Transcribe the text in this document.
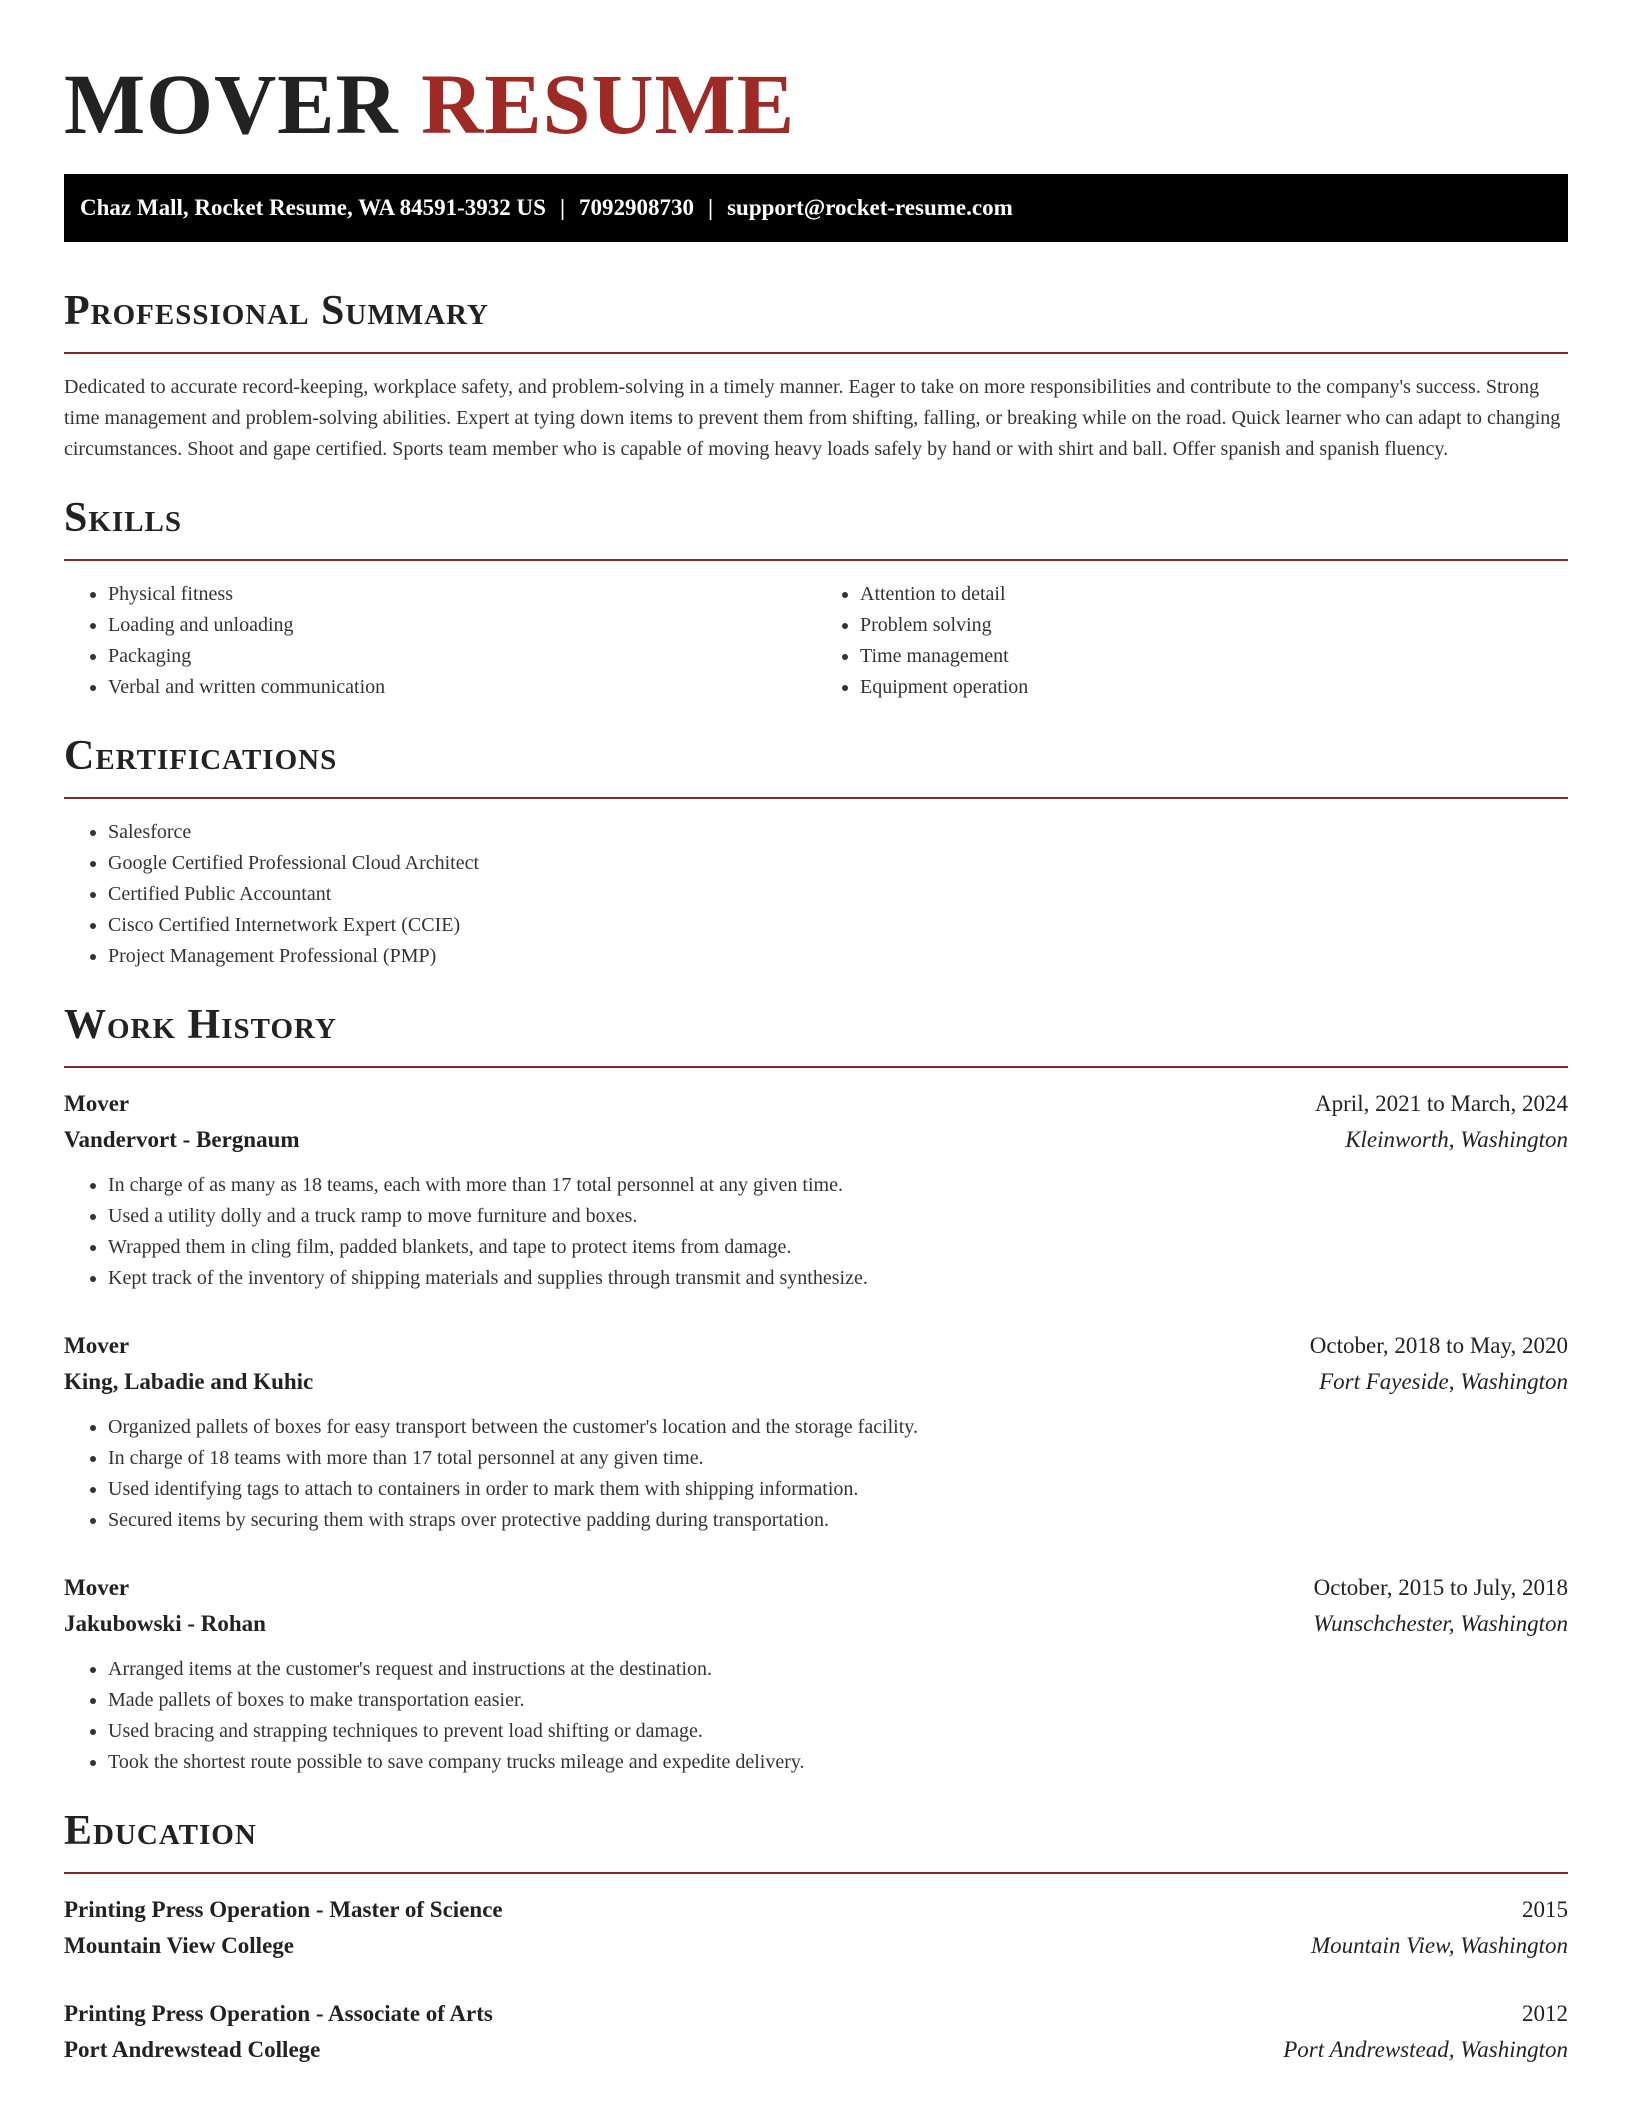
MOVER RESUME
Chaz Mall, Rocket Resume, WA 84591-3932 US | 7092908730 | support@rocket-resume.com
Professional Summary

Dedicated to accurate record-keeping, workplace safety, and problem-solving in a timely manner. Eager to take on more responsibilities and contribute to the company's success. Strong time management and problem-solving abilities. Expert at tying down items to prevent them from shifting, falling, or breaking while on the road. Quick learner who can adapt to changing circumstances. Shoot and gape certified. Sports team member who is capable of moving heavy loads safely by hand or with shirt and ball. Offer spanish and spanish fluency.

Skills
• Physical fitness
• Loading and unloading
• Packaging
• Verbal and written communication
• Attention to detail
• Problem solving
• Time management
• Equipment operation
Certifications
• Salesforce
• Google Certified Professional Cloud Architect
• Certified Public Accountant
• Cisco Certified Internetwork Expert (CCIE)
• Project Management Professional (PMP)
Work History
Mover	April, 2021 to March, 2024
Vandervort - Bergnaum	Kleinworth, Washington
• In charge of as many as 18 teams, each with more than 17 total personnel at any given time.
• Used a utility dolly and a truck ramp to move furniture and boxes.
• Wrapped them in cling film, padded blankets, and tape to protect items from damage.
• Kept track of the inventory of shipping materials and supplies through transmit and synthesize.
Mover	October, 2018 to May, 2020
King, Labadie and Kuhic	Fort Fayeside, Washington
• Organized pallets of boxes for easy transport between the customer's location and the storage facility.
• In charge of 18 teams with more than 17 total personnel at any given time.
• Used identifying tags to attach to containers in order to mark them with shipping information.
• Secured items by securing them with straps over protective padding during transportation.
Mover	October, 2015 to July, 2018
Jakubowski - Rohan	Wunschchester, Washington
• Arranged items at the customer's request and instructions at the destination.
• Made pallets of boxes to make transportation easier.
• Used bracing and strapping techniques to prevent load shifting or damage.
• Took the shortest route possible to save company trucks mileage and expedite delivery.
Education
Printing Press Operation - Master of Science	2015
Mountain View College	Mountain View, Washington
Printing Press Operation - Associate of Arts	2012
Port Andrewstead College	Port Andrewstead, Washington
